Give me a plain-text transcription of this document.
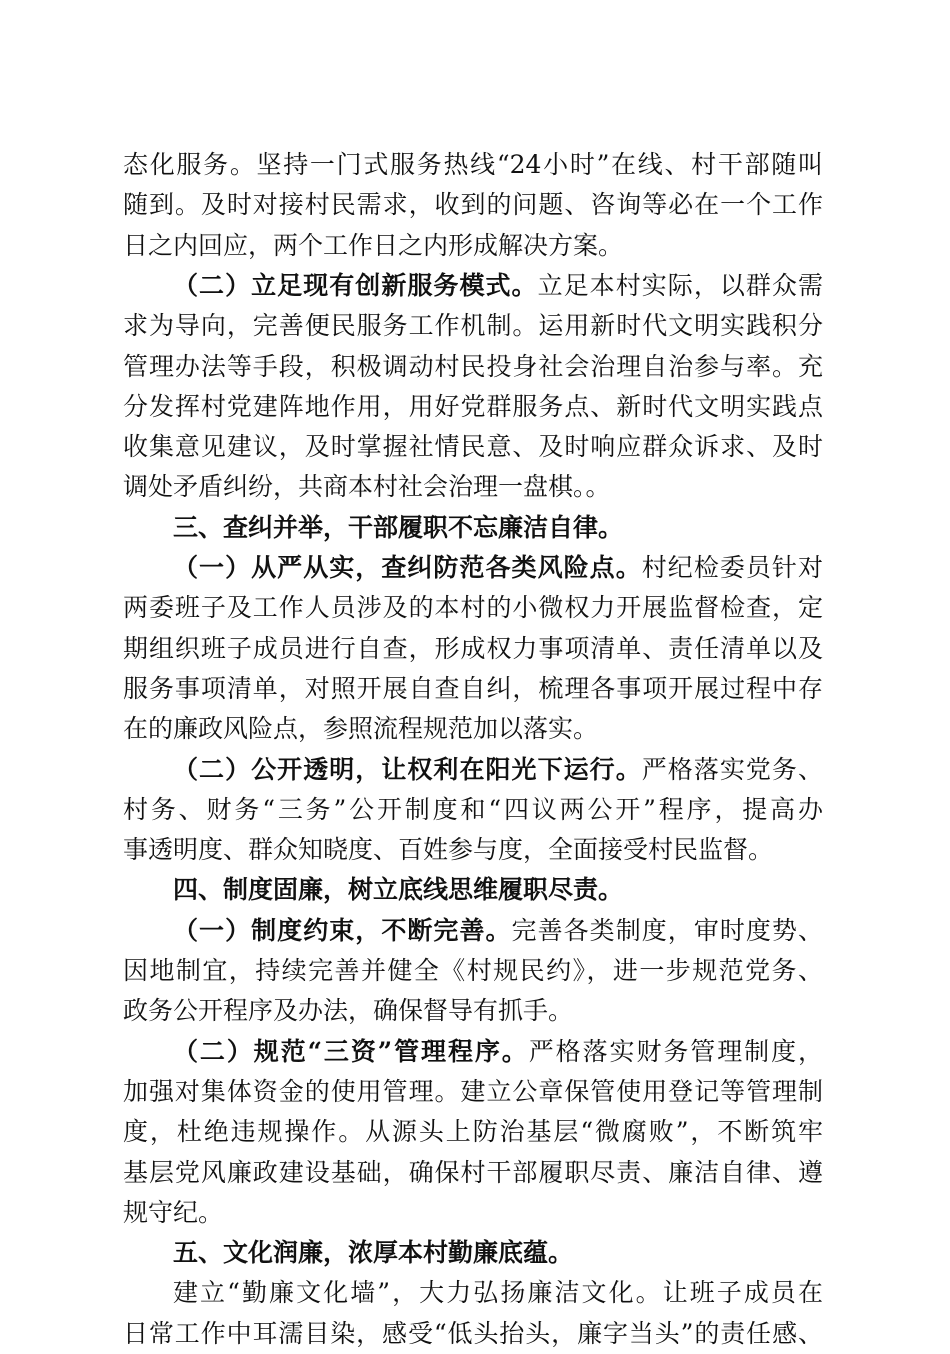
态化服务。坚持一门式服务热线“24小时”在线、村干部随叫
随到。及时对接村民需求，收到的问题、咨询等必在一个工作
日之内回应，两个工作日之内形成解决方案。
（二）立足现有创新服务模式。立足本村实际，以群众需
求为导向，完善便民服务工作机制。运用新时代文明实践积分
管理办法等手段，积极调动村民投身社会治理自治参与率。充
分发挥村党建阵地作用，用好党群服务点、新时代文明实践点
收集意见建议，及时掌握社情民意、及时响应群众诉求、及时
调处矛盾纠纷，共商本村社会治理一盘棋。。
三、查纠并举，干部履职不忘廉洁自律。
（一）从严从实，查纠防范各类风险点。村纪检委员针对
两委班子及工作人员涉及的本村的小微权力开展监督检查，定
期组织班子成员进行自查，形成权力事项清单、责任清单以及
服务事项清单，对照开展自查自纠，梳理各事项开展过程中存
在的廉政风险点，参照流程规范加以落实。
（二）公开透明，让权利在阳光下运行。严格落实党务、
村务、财务“三务”公开制度和“四议两公开”程序，提高办
事透明度、群众知晓度、百姓参与度，全面接受村民监督。
四、制度固廉，树立底线思维履职尽责。
（一）制度约束，不断完善。完善各类制度，审时度势、
因地制宜，持续完善并健全《村规民约》，进一步规范党务、
政务公开程序及办法，确保督导有抓手。
（二）规范“三资”管理程序。严格落实财务管理制度，
加强对集体资金的使用管理。建立公章保管使用登记等管理制
度，杜绝违规操作。从源头上防治基层“微腐败”，不断筑牢
基层党风廉政建设基础，确保村干部履职尽责、廉洁自律、遵
规守纪。
五、文化润廉，浓厚本村勤廉底蕴。
建立“勤廉文化墙”，大力弘扬廉洁文化。让班子成员在
日常工作中耳濡目染，感受“低头抬头，廉字当头”的责任感、
